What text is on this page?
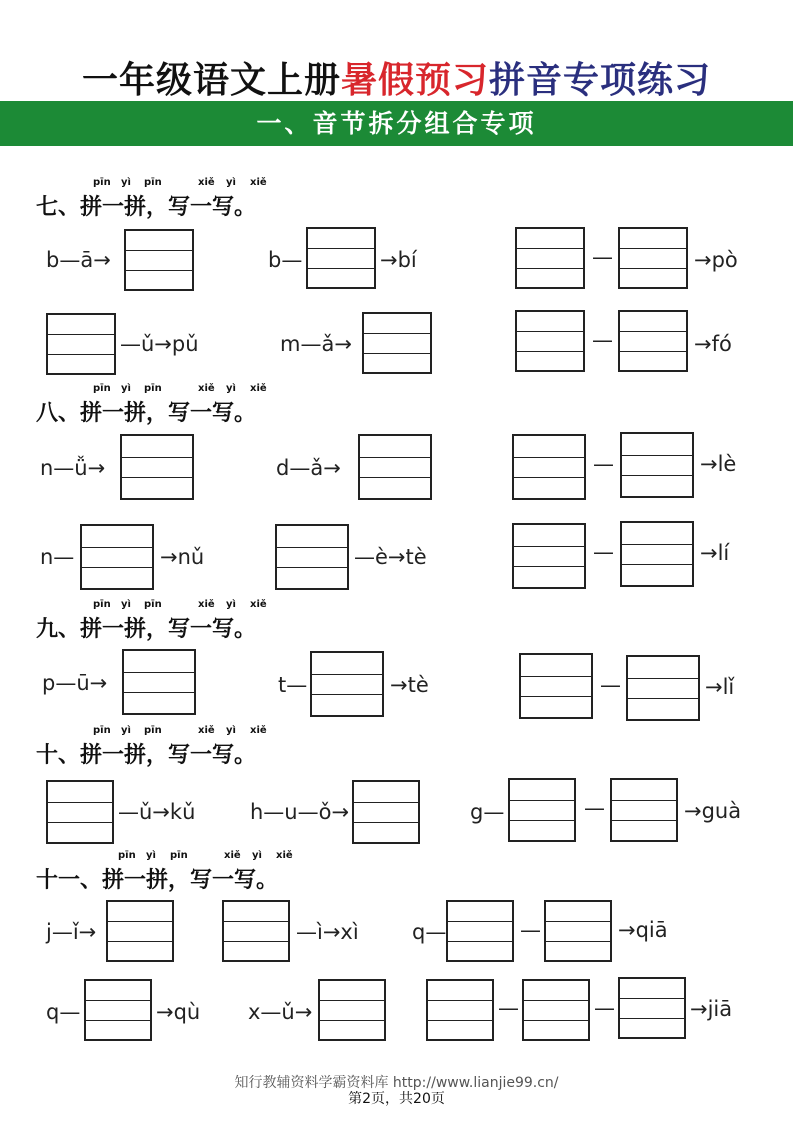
一年级语文上册暑假预习拼音专项练习
一、音节拆分组合专项
pīn yì pīn	xiě yì xiě
七、拼一拼，写一写。
b—ā→	b—	→bí	—	→pò
—ǔ→pǔ	m—ǎ→	—	→fó
pīn yì pīn	xiě yì xiě
八、拼一拼，写一写。
n—ǚ→	d—ǎ→	—	→lè
n—	→nǔ	—è→tè	—	→lí
pīn yì pīn	xiě yì xiě
九、拼一拼，写一写。
p—ū→	t—	→tè	—	→lǐ
pīn yì pīn	xiě yì xiě
十、拼一拼，写一写。
—ǔ→kǔ	h—u—ǒ→	g—	—	→guà
pīn yì pīn	xiě yì xiě
十一、拼一拼，写一写。
j—ǐ→	—ì→xì	q—	—	→qiā
q—	→qù x—ǔ→	—	—	→jiā
知行教辅资料学霸资料库 http://www.lianjie99.cn/
第2页，共20页
